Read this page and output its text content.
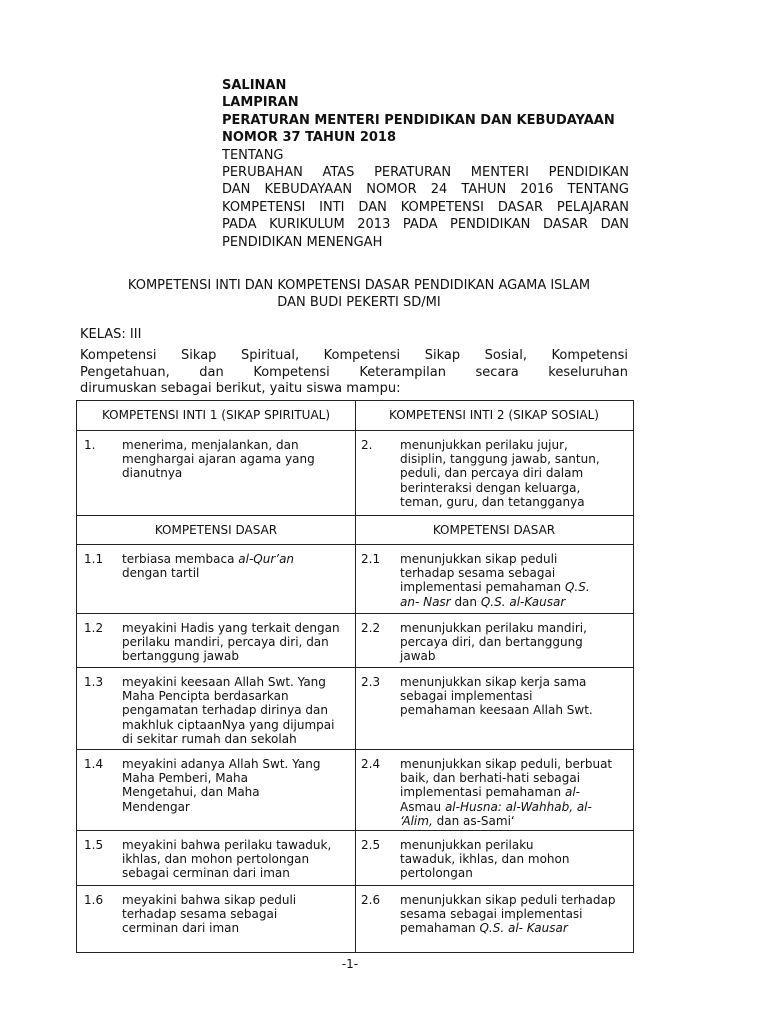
SALINAN
LAMPIRAN
PERATURAN MENTERI PENDIDIKAN DAN KEBUDAYAAN
NOMOR 37 TAHUN 2018
TENTANG
PERUBAHAN ATAS PERATURAN MENTERI PENDIDIKAN
DAN KEBUDAYAAN NOMOR 24 TAHUN 2016 TENTANG
KOMPETENSI INTI DAN KOMPETENSI DASAR PELAJARAN
PADA KURIKULUM 2013 PADA PENDIDIKAN DASAR DAN
PENDIDIKAN MENENGAH
KOMPETENSI INTI DAN KOMPETENSI DASAR PENDIDIKAN AGAMA ISLAM
DAN BUDI PEKERTI SD/MI
KELAS: III
Kompetensi Sikap Spiritual, Kompetensi Sikap Sosial, Kompetensi
Pengetahuan, dan Kompetensi Keterampilan secara keseluruhan
dirumuskan sebagai berikut, yaitu siswa mampu:
KOMPETENSI INTI 1 (SIKAP SPIRITUAL)	KOMPETENSI INTI 2 (SIKAP SOSIAL)
1. menerima, menjalankan, dan menghargai ajaran agama yang dianutnya
2. menunjukkan perilaku jujur, disiplin, tanggung jawab, santun, peduli, dan percaya diri dalam berinteraksi dengan keluarga, teman, guru, dan tetangganya
KOMPETENSI DASAR	KOMPETENSI DASAR
1.1 terbiasa membaca al-Qur’an dengan tartil
2.1 menunjukkan sikap peduli terhadap sesama sebagai implementasi pemahaman Q.S. an- Nasr dan Q.S. al-Kausar
1.2 meyakini Hadis yang terkait dengan perilaku mandiri, percaya diri, dan bertanggung jawab
2.2 menunjukkan perilaku mandiri, percaya diri, dan bertanggung jawab
1.3 meyakini keesaan Allah Swt. Yang Maha Pencipta berdasarkan pengamatan terhadap dirinya dan makhluk ciptaanNya yang dijumpai di sekitar rumah dan sekolah
2.3 menunjukkan sikap kerja sama sebagai implementasi pemahaman keesaan Allah Swt.
1.4 meyakini adanya Allah Swt. Yang Maha Pemberi, Maha Mengetahui, dan Maha Mendengar
2.4 menunjukkan sikap peduli, berbuat baik, dan berhati-hati sebagai implementasi pemahaman al- Asmau al-Husna: al-Wahhab, al- ‘Alim, dan as-Sami‘
1.5 meyakini bahwa perilaku tawaduk, ikhlas, dan mohon pertolongan sebagai cerminan dari iman
2.5 menunjukkan perilaku tawaduk, ikhlas, dan mohon pertolongan
1.6 meyakini bahwa sikap peduli terhadap sesama sebagai cerminan dari iman
2.6 menunjukkan sikap peduli terhadap sesama sebagai implementasi pemahaman Q.S. al- Kausar
-1-
